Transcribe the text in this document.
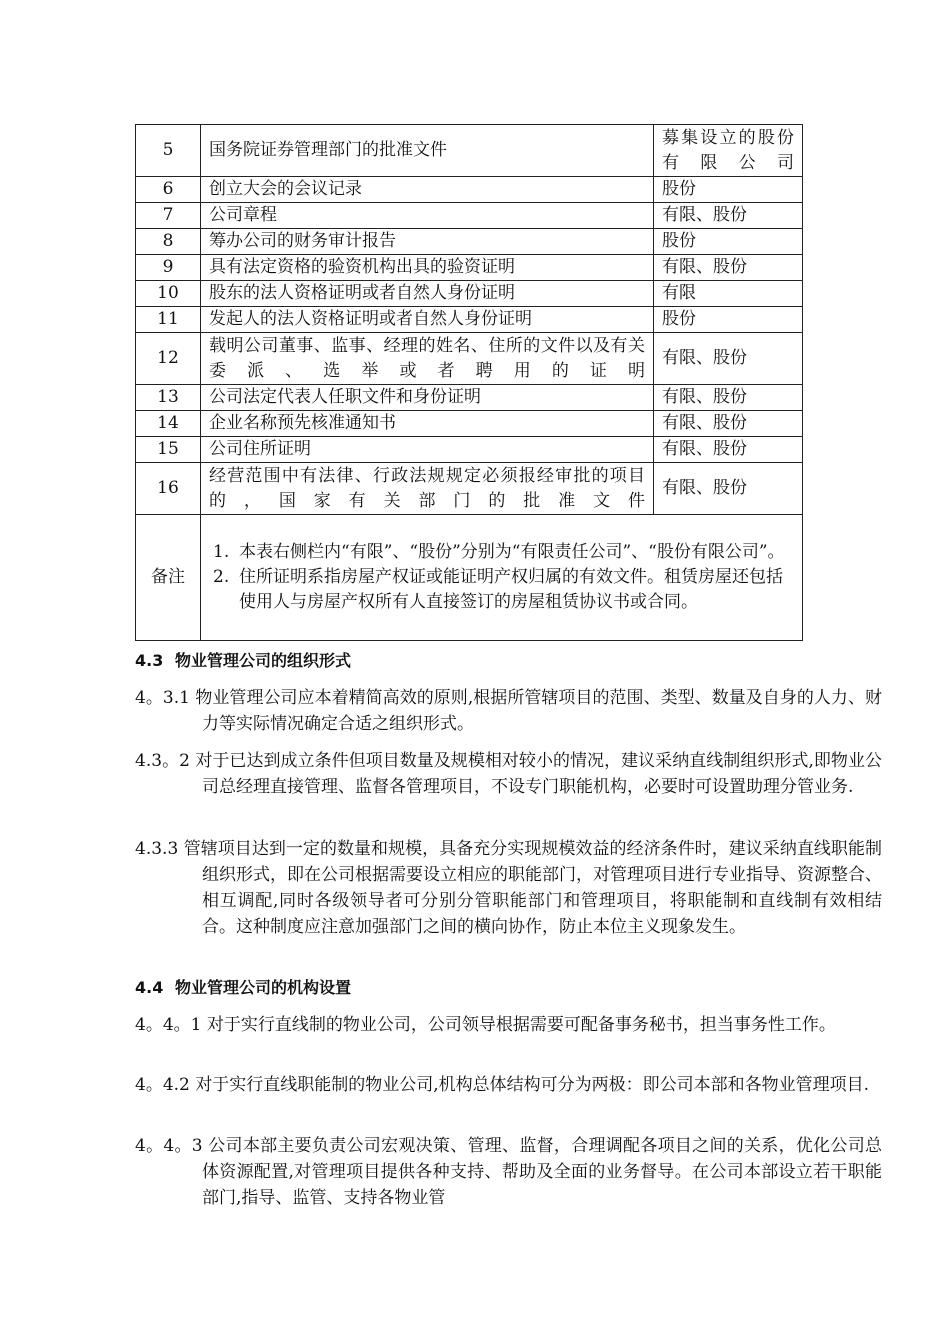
5	国务院证券管理部门的批准文件	募集设立的股份有限公司
6	创立大会的会议记录	股份
7	公司章程	有限、股份
8	筹办公司的财务审计报告	股份
9	具有法定资格的验资机构出具的验资证明	有限、股份
10	股东的法人资格证明或者自然人身份证明	有限
11	发起人的法人资格证明或者自然人身份证明	股份
12	载明公司董事、监事、经理的姓名、住所的文件以及有关委派、选举或者聘用的证明	有限、股份
13	公司法定代表人任职文件和身份证明	有限、股份
14	企业名称预先核准通知书	有限、股份
15	公司住所证明	有限、股份
16	经营范围中有法律、行政法规规定必须报经审批的项目的，国家有关部门的批准文件	有限、股份
备注	1. 本表右侧栏内“有限”、“股份”分别为“有限责任公司”、“股份有限公司”。
2. 住所证明系指房屋产权证或能证明产权归属的有效文件。租赁房屋还包括使用人与房屋产权所有人直接签订的房屋租赁协议书或合同。	
4.3 物业管理公司的组织形式
4。3.1 物业管理公司应本着精简高效的原则,根据所管辖项目的范围、类型、数量及自身的人力、财力等实际情况确定合适之组织形式。
4.3。2 对于已达到成立条件但项目数量及规模相对较小的情况，建议采纳直线制组织形式,即物业公司总经理直接管理、监督各管理项目，不设专门职能机构，必要时可设置助理分管业务.
4.3.3 管辖项目达到一定的数量和规模，具备充分实现规模效益的经济条件时，建议采纳直线职能制组织形式，即在公司根据需要设立相应的职能部门，对管理项目进行专业指导、资源整合、相互调配,同时各级领导者可分别分管职能部门和管理项目，将职能制和直线制有效相结合。这种制度应注意加强部门之间的横向协作，防止本位主义现象发生。
4.4 物业管理公司的机构设置
4。4。1 对于实行直线制的物业公司，公司领导根据需要可配备事务秘书，担当事务性工作。
4。4.2 对于实行直线职能制的物业公司,机构总体结构可分为两极：即公司本部和各物业管理项目.
4。4。3 公司本部主要负责公司宏观决策、管理、监督，合理调配各项目之间的关系，优化公司总体资源配置,对管理项目提供各种支持、帮助及全面的业务督导。在公司本部设立若干职能部门,指导、监管、支持各物业管
